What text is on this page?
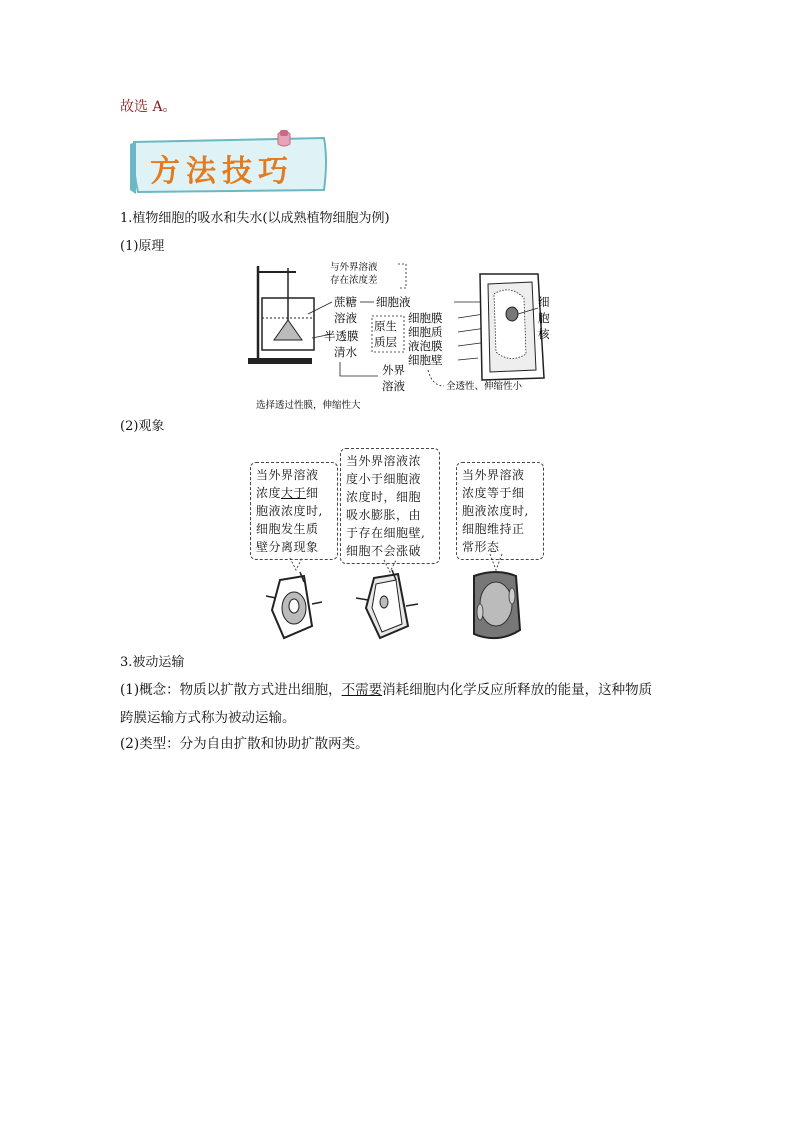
故选 A。
方法技巧
1.植物细胞的吸水和失水(以成熟植物细胞为例)
(1)原理
与外界溶液
存在浓度差
蔗糖 细胞液
溶液
半透膜
清水
原生
质层
细胞膜
细胞质
液泡膜
细胞壁
外界
溶液
细
胞
核
全透性、伸缩性小
选择透过性膜，伸缩性大
(2)观象
当外界溶液
浓度大于细
胞液浓度时,
细胞发生质
壁分离现象
当外界溶液浓
度小于细胞液
浓度时，细胞
吸水膨胀，由
于存在细胞壁,
细胞不会涨破
当外界溶液
浓度等于细
胞液浓度时,
细胞维持正
常形态
3.被动运输
(1)概念：物质以扩散方式进出细胞，不需要消耗细胞内化学反应所释放的能量，这种物质
跨膜运输方式称为被动运输。
(2)类型：分为自由扩散和协助扩散两类。
